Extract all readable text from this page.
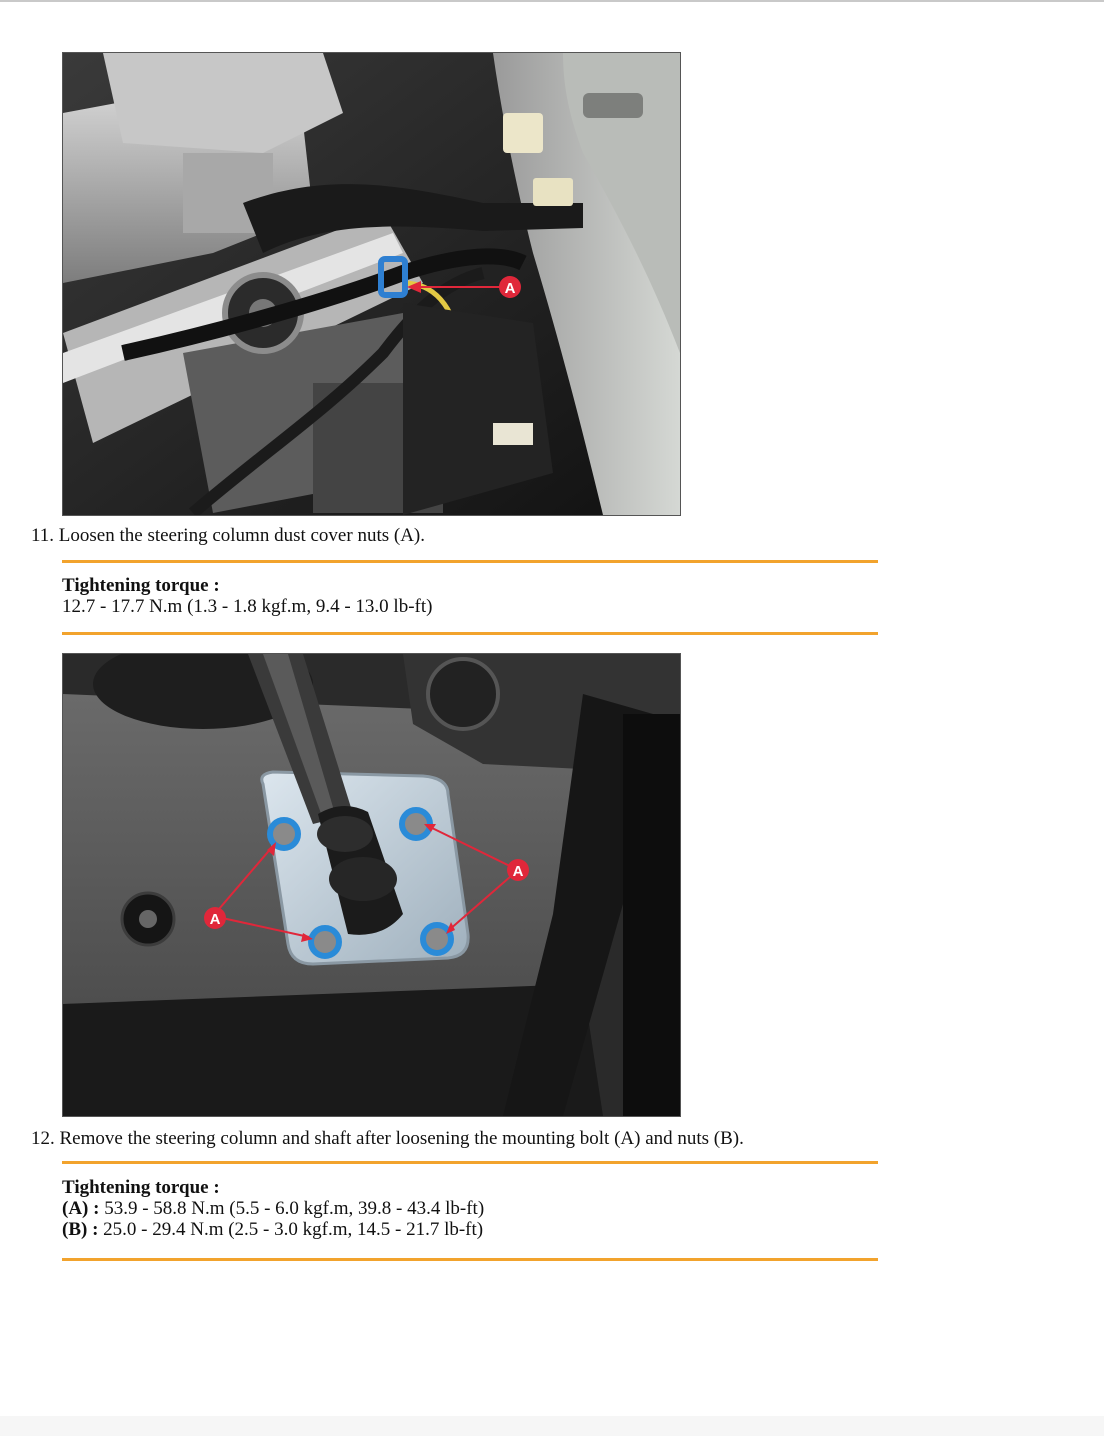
A
11. Loosen the steering column dust cover nuts (A).
Tightening torque :
12.7 - 17.7 N.m (1.3 - 1.8 kgf.m, 9.4 - 13.0 lb-ft)
A
A
12. Remove the steering column and shaft after loosening the mounting bolt (A) and nuts (B).
Tightening torque :
(A) : 53.9 - 58.8 N.m (5.5 - 6.0 kgf.m, 39.8 - 43.4 lb-ft)
(B) : 25.0 - 29.4 N.m (2.5 - 3.0 kgf.m, 14.5 - 21.7 lb-ft)
